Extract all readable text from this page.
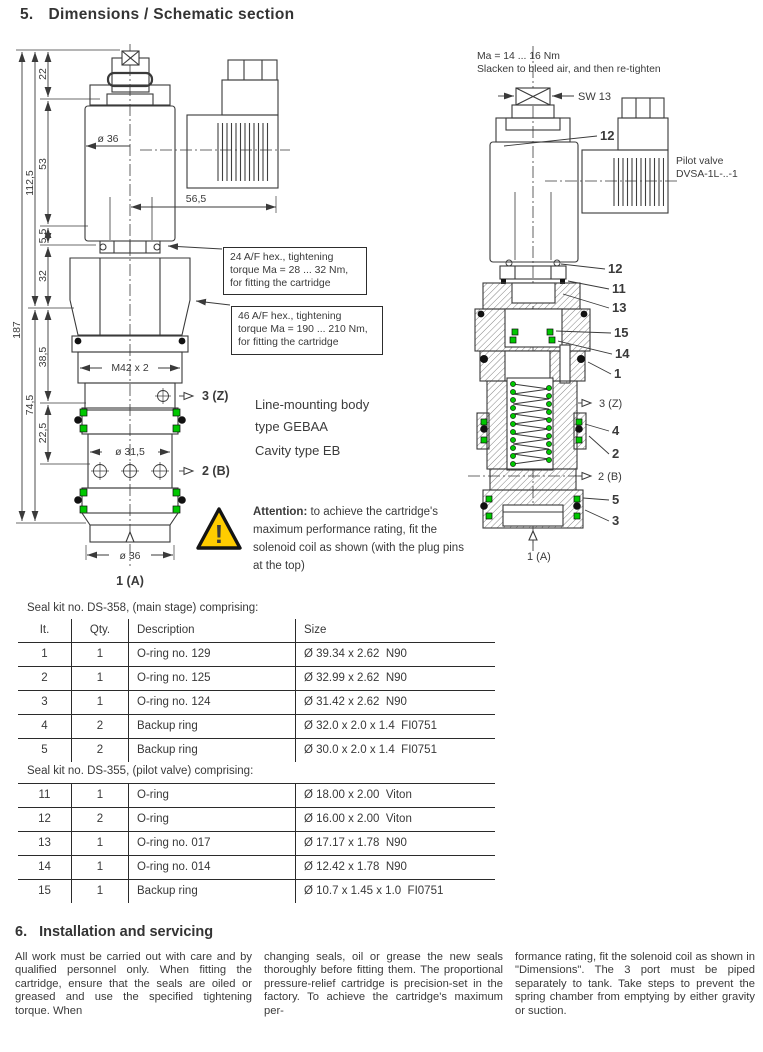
5. Dimensions / Schematic section
187
112,5
74,5
22
53
5,5
32
38,5
22,5
ø 36
56,5
M42 x 2
3 (Z)
ø 31,5
2 (B)
ø 36
1 (A)
SW 13
12
12
11
13
15
14
1
3 (Z)
4
2
2 (B)
5
3
1 (A)
Ma = 14 ... 16 Nm
Slacken to bleed air, and then re-tighten
Pilot valve
DVSA-1L-..-1
24 A/F hex., tightening
torque Ma = 28 ... 32 Nm,
for fitting the cartridge
46 A/F hex., tightening
torque Ma = 190 ... 210 Nm,
for fitting the cartridge
Line-mounting body
type GEBAA
Cavity type EB
!
Attention: to achieve the cartridge's maximum performance rating, fit the solenoid coil as shown (with the plug pins at the top)
Seal kit no. DS-358, (main stage) comprising:
It.	Qty.	Description	Size
1	1	O-ring no. 129	Ø 39.34 x 2.62  N90
2	1	O-ring no. 125	Ø 32.99 x 2.62  N90
3	1	O-ring no. 124	Ø 31.42 x 2.62  N90
4	2	Backup ring	Ø 32.0 x 2.0 x 1.4  FI0751
5	2	Backup ring	Ø 30.0 x 2.0 x 1.4  FI0751
Seal kit no. DS-355, (pilot valve) comprising:
11	1	O-ring	Ø 18.00 x 2.00  Viton
12	2	O-ring	Ø 16.00 x 2.00  Viton
13	1	O-ring no. 017	Ø 17.17 x 1.78  N90
14	1	O-ring no. 014	Ø 12.42 x 1.78  N90
15	1	Backup ring	Ø 10.7 x 1.45 x 1.0  FI0751
6. Installation and servicing
All work must be carried out with care and by qualified personnel only. When fitting the cartridge, ensure that the seals are oiled or greased and use the specified tightening torque. When
changing seals, oil or grease the new seals thoroughly before fitting them. The proportional pressure-relief cartridge is precision-set in the factory. To achieve the cartridge's maximum per-
formance rating, fit the solenoid coil as shown in "Dimensions". The 3 port must be piped separately to tank. Take steps to prevent the spring chamber from emptying by either gravity or suction.
